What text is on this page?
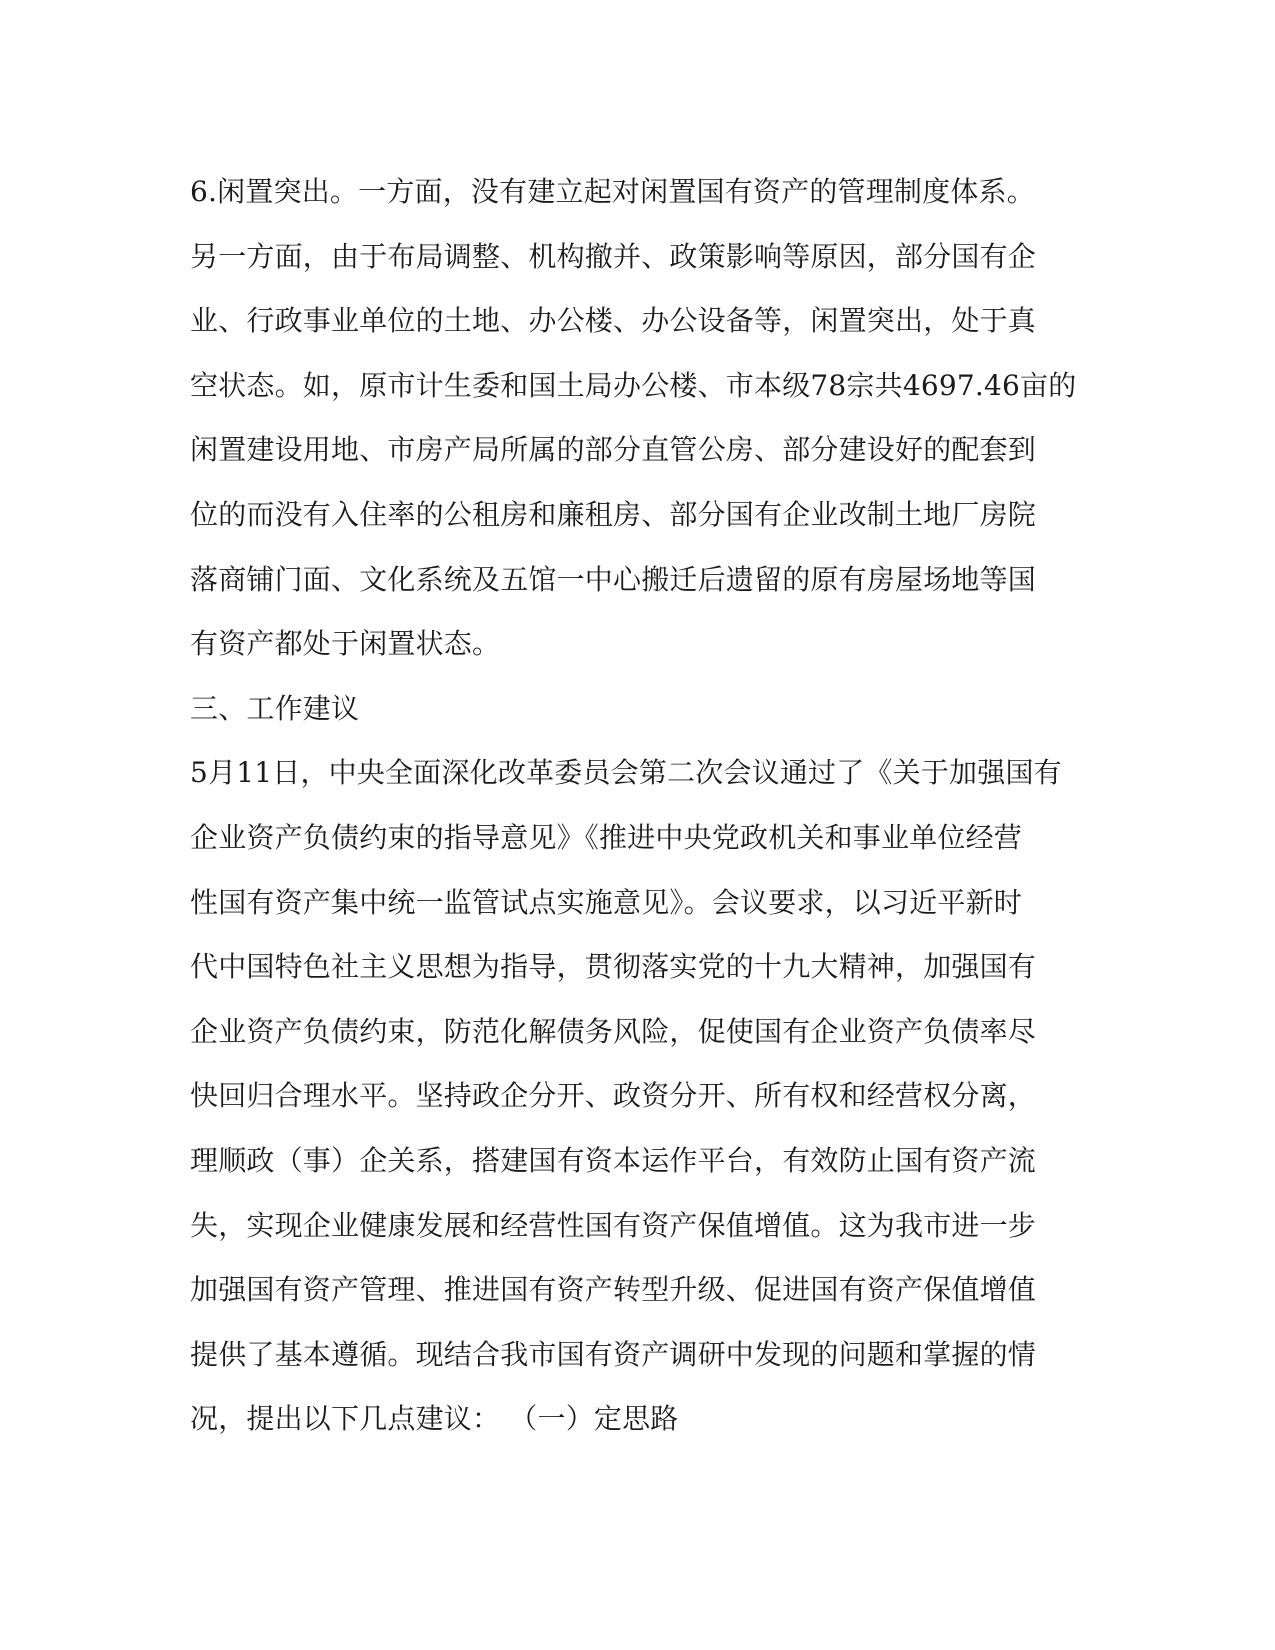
6.闲置突出。一方面，没有建立起对闲置国有资产的管理制度体系。
另一方面，由于布局调整、机构撤并、政策影响等原因，部分国有企
业、行政事业单位的土地、办公楼、办公设备等，闲置突出，处于真
空状态。如，原市计生委和国土局办公楼、市本级78宗共4697.46亩的
闲置建设用地、市房产局所属的部分直管公房、部分建设好的配套到
位的而没有入住率的公租房和廉租房、部分国有企业改制土地厂房院
落商铺门面、文化系统及五馆一中心搬迁后遗留的原有房屋场地等国
有资产都处于闲置状态。
三、工作建议
5月11日，中央全面深化改革委员会第二次会议通过了《关于加强国有
企业资产负债约束的指导意见》《推进中央党政机关和事业单位经营
性国有资产集中统一监管试点实施意见》。会议要求，以习近平新时
代中国特色社主义思想为指导，贯彻落实党的十九大精神，加强国有
企业资产负债约束，防范化解债务风险，促使国有企业资产负债率尽
快回归合理水平。坚持政企分开、政资分开、所有权和经营权分离，
理顺政（事）企关系，搭建国有资本运作平台，有效防止国有资产流
失，实现企业健康发展和经营性国有资产保值增值。这为我市进一步
加强国有资产管理、推进国有资产转型升级、促进国有资产保值增值
提供了基本遵循。现结合我市国有资产调研中发现的问题和掌握的情
况，提出以下几点建议： （一）定思路
